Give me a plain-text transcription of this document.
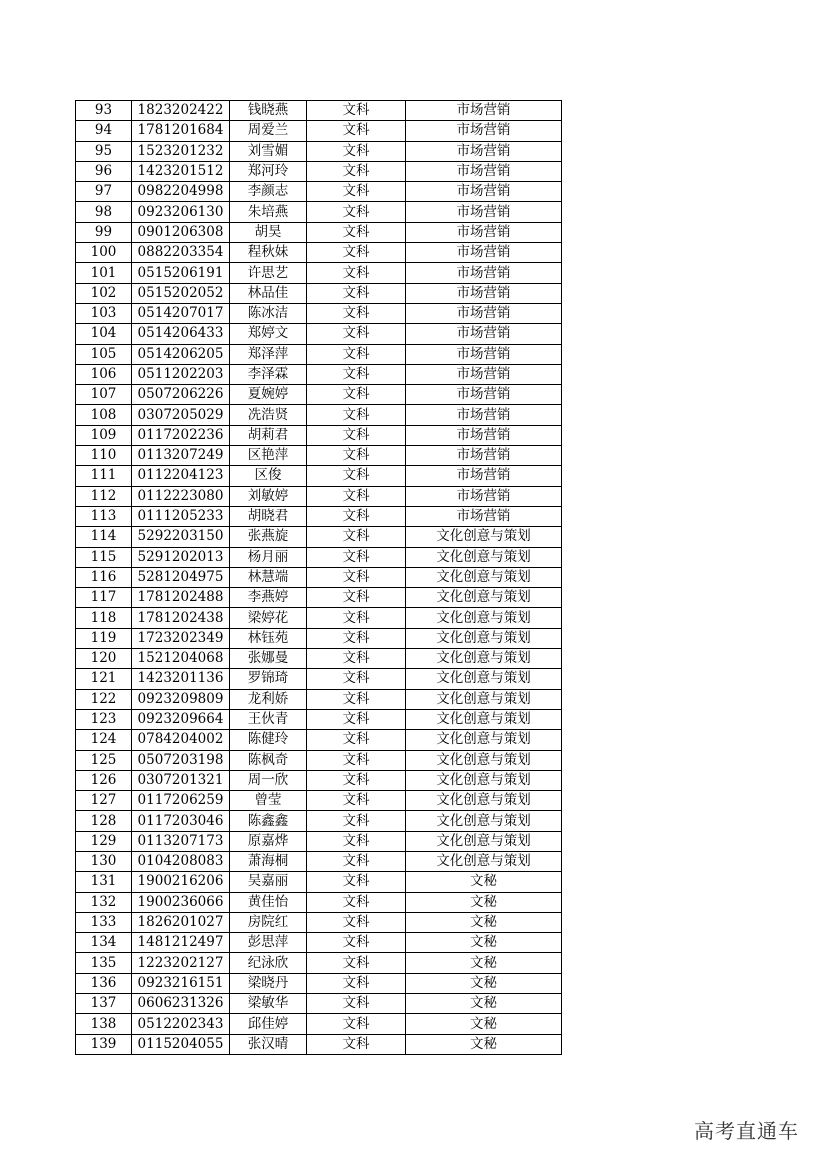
93	1823202422	钱晓燕	文科	市场营销
94	1781201684	周爱兰	文科	市场营销
95	1523201232	刘雪媚	文科	市场营销
96	1423201512	郑河玲	文科	市场营销
97	0982204998	李颜志	文科	市场营销
98	0923206130	朱培燕	文科	市场营销
99	0901206308	胡昊	文科	市场营销
100	0882203354	程秋妹	文科	市场营销
101	0515206191	许思艺	文科	市场营销
102	0515202052	林品佳	文科	市场营销
103	0514207017	陈冰洁	文科	市场营销
104	0514206433	郑婷文	文科	市场营销
105	0514206205	郑泽萍	文科	市场营销
106	0511202203	李泽霖	文科	市场营销
107	0507206226	夏婉婷	文科	市场营销
108	0307205029	冼浩贤	文科	市场营销
109	0117202236	胡莉君	文科	市场营销
110	0113207249	区艳萍	文科	市场营销
111	0112204123	区俊	文科	市场营销
112	0112223080	刘敏婷	文科	市场营销
113	0111205233	胡晓君	文科	市场营销
114	5292203150	张燕旋	文科	文化创意与策划
115	5291202013	杨月丽	文科	文化创意与策划
116	5281204975	林慧端	文科	文化创意与策划
117	1781202488	李燕婷	文科	文化创意与策划
118	1781202438	梁婷花	文科	文化创意与策划
119	1723202349	林钰苑	文科	文化创意与策划
120	1521204068	张娜曼	文科	文化创意与策划
121	1423201136	罗锦琦	文科	文化创意与策划
122	0923209809	龙利娇	文科	文化创意与策划
123	0923209664	王伙青	文科	文化创意与策划
124	0784204002	陈健玲	文科	文化创意与策划
125	0507203198	陈枫奇	文科	文化创意与策划
126	0307201321	周一欣	文科	文化创意与策划
127	0117206259	曾莹	文科	文化创意与策划
128	0117203046	陈鑫鑫	文科	文化创意与策划
129	0113207173	原嘉烨	文科	文化创意与策划
130	0104208083	萧海桐	文科	文化创意与策划
131	1900216206	吴嘉丽	文科	文秘
132	1900236066	黄佳怡	文科	文秘
133	1826201027	房院红	文科	文秘
134	1481212497	彭思萍	文科	文秘
135	1223202127	纪泳欣	文科	文秘
136	0923216151	梁晓丹	文科	文秘
137	0606231326	梁敏华	文科	文秘
138	0512202343	邱佳婷	文科	文秘
139	0115204055	张汉晴	文科	文秘
高考直通车
